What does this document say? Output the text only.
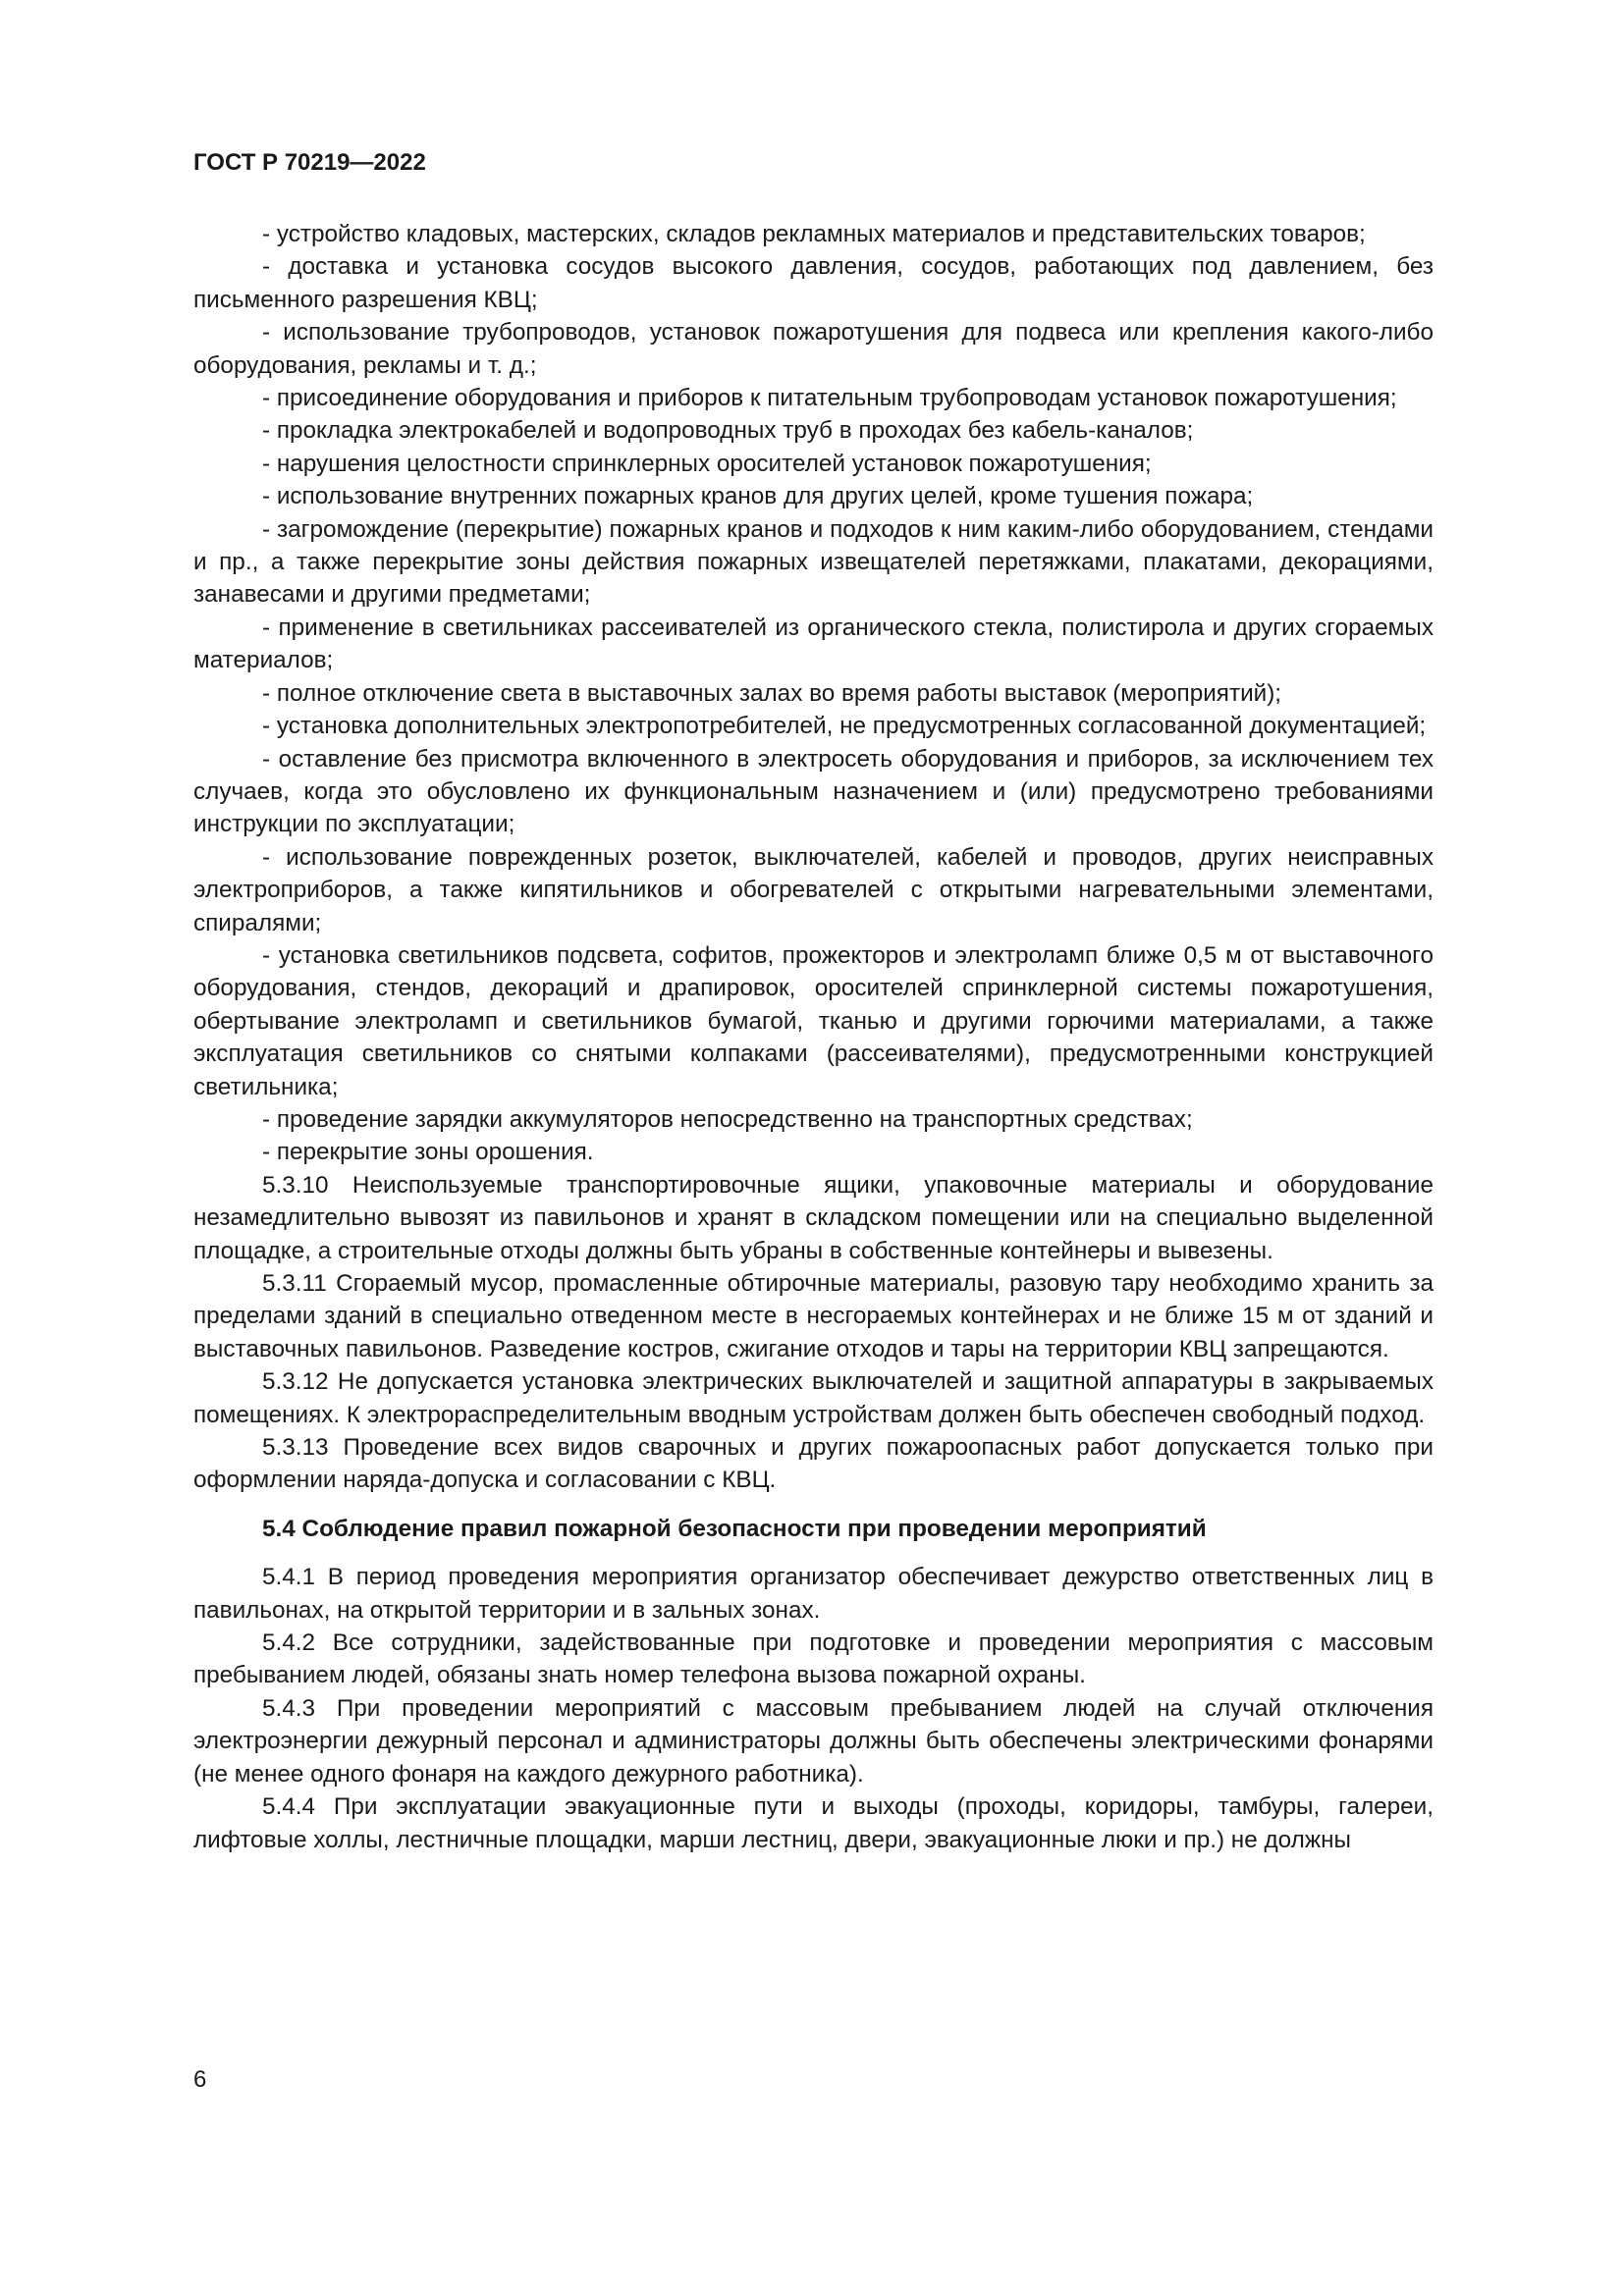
ГОСТ Р 70219—2022

- устройство кладовых, мастерских, складов рекламных материалов и представительских товаров;

- доставка и установка сосудов высокого давления, сосудов, работающих под давлением, без письменного разрешения КВЦ;

- использование трубопроводов, установок пожаротушения для подвеса или крепления какого-либо оборудования, рекламы и т. д.;

- присоединение оборудования и приборов к питательным трубопроводам установок пожаротушения;

- прокладка электрокабелей и водопроводных труб в проходах без кабель-каналов;

- нарушения целостности спринклерных оросителей установок пожаротушения;

- использование внутренних пожарных кранов для других целей, кроме тушения пожара;

- загромождение (перекрытие) пожарных кранов и подходов к ним каким-либо оборудованием, стендами и пр., а также перекрытие зоны действия пожарных извещателей перетяжками, плакатами, декорациями, занавесами и другими предметами;

- применение в светильниках рассеивателей из органического стекла, полистирола и других сгораемых материалов;

- полное отключение света в выставочных залах во время работы выставок (мероприятий);

- установка дополнительных электропотребителей, не предусмотренных согласованной документацией;

- оставление без присмотра включенного в электросеть оборудования и приборов, за исключением тех случаев, когда это обусловлено их функциональным назначением и (или) предусмотрено требованиями инструкции по эксплуатации;

- использование поврежденных розеток, выключателей, кабелей и проводов, других неисправных электроприборов, а также кипятильников и обогревателей с открытыми нагревательными элементами, спиралями;

- установка светильников подсвета, софитов, прожекторов и электроламп ближе 0,5 м от выставочного оборудования, стендов, декораций и драпировок, оросителей спринклерной системы пожаротушения, обертывание электроламп и светильников бумагой, тканью и другими горючими материалами, а также эксплуатация светильников со снятыми колпаками (рассеивателями), предусмотренными конструкцией светильника;

- проведение зарядки аккумуляторов непосредственно на транспортных средствах;

- перекрытие зоны орошения.

5.3.10 Неиспользуемые транспортировочные ящики, упаковочные материалы и оборудование незамедлительно вывозят из павильонов и хранят в складском помещении или на специально выделенной площадке, а строительные отходы должны быть убраны в собственные контейнеры и вывезены.

5.3.11 Сгораемый мусор, промасленные обтирочные материалы, разовую тару необходимо хранить за пределами зданий в специально отведенном месте в несгораемых контейнерах и не ближе 15 м от зданий и выставочных павильонов. Разведение костров, сжигание отходов и тары на территории КВЦ запрещаются.

5.3.12 Не допускается установка электрических выключателей и защитной аппаратуры в закрываемых помещениях. К электрораспределительным вводным устройствам должен быть обеспечен свободный подход.

5.3.13 Проведение всех видов сварочных и других пожароопасных работ допускается только при оформлении наряда-допуска и согласовании с КВЦ.

5.4 Соблюдение правил пожарной безопасности при проведении мероприятий

5.4.1 В период проведения мероприятия организатор обеспечивает дежурство ответственных лиц в павильонах, на открытой территории и в зальных зонах.

5.4.2 Все сотрудники, задействованные при подготовке и проведении мероприятия с массовым пребыванием людей, обязаны знать номер телефона вызова пожарной охраны.

5.4.3 При проведении мероприятий с массовым пребыванием людей на случай отключения электроэнергии дежурный персонал и администраторы должны быть обеспечены электрическими фонарями (не менее одного фонаря на каждого дежурного работника).

5.4.4 При эксплуатации эвакуационные пути и выходы (проходы, коридоры, тамбуры, галереи, лифтовые холлы, лестничные площадки, марши лестниц, двери, эвакуационные люки и пр.) не должны

6
